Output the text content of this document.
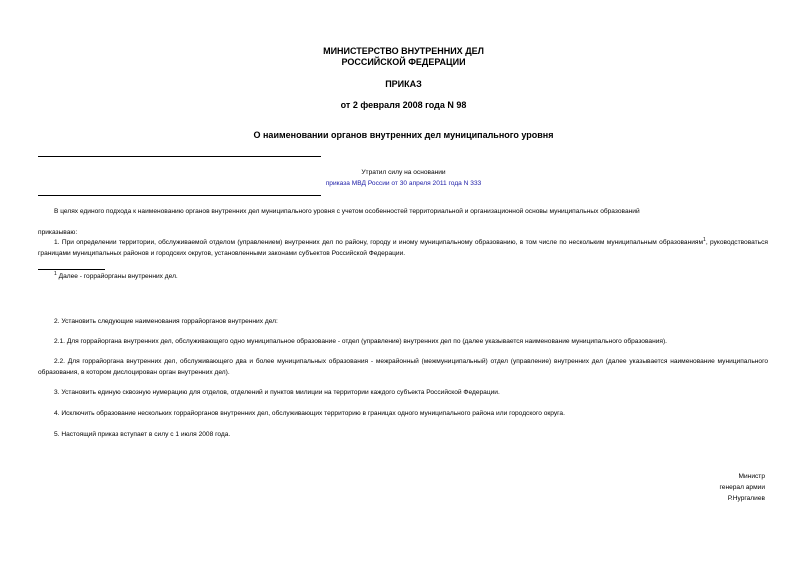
МИНИСТЕРСТВО ВНУТРЕННИХ ДЕЛ
РОССИЙСКОЙ ФЕДЕРАЦИИ
ПРИКАЗ
от 2 февраля 2008 года N 98
О наименовании органов внутренних дел муниципального уровня
Утратил силу на основании
приказа МВД России от 30 апреля 2011 года N 333
В целях единого подхода к наименованию органов внутренних дел муниципального уровня с учетом особенностей территориальной и организационной основы муниципальных образований
приказываю:
1. При определении территории, обслуживаемой отделом (управлением) внутренних дел по району, городу и иному муниципальному образованию, в том числе по нескольким муниципальным образованиям$^1$, руководствоваться границами муниципальных районов и городских округов, установленными законами субъектов Российской Федерации.
$^1$ Далее - горрайорганы внутренних дел.
2. Установить следующие наименования горрайорганов внутренних дел:
2.1. Для горрайоргана внутренних дел, обслуживающего одно муниципальное образование - отдел (управление) внутренних дел по (далее указывается наименование муниципального образования).
2.2. Для горрайоргана внутренних дел, обслуживающего два и более муниципальных образования - межрайонный (межмуниципальный) отдел (управление) внутренних дел (далее указывается наименование муниципального образования, в котором дислоцирован орган внутренних дел).
3. Установить единую сквозную нумерацию для отделов, отделений и пунктов милиции на территории каждого субъекта Российской Федерации.
4. Исключить образование нескольких горрайорганов внутренних дел, обслуживающих территорию в границах одного муниципального района или городского округа.
5. Настоящий приказ вступает в силу с 1 июля 2008 года.
Министр
генерал армии
Р.Нургалиев
